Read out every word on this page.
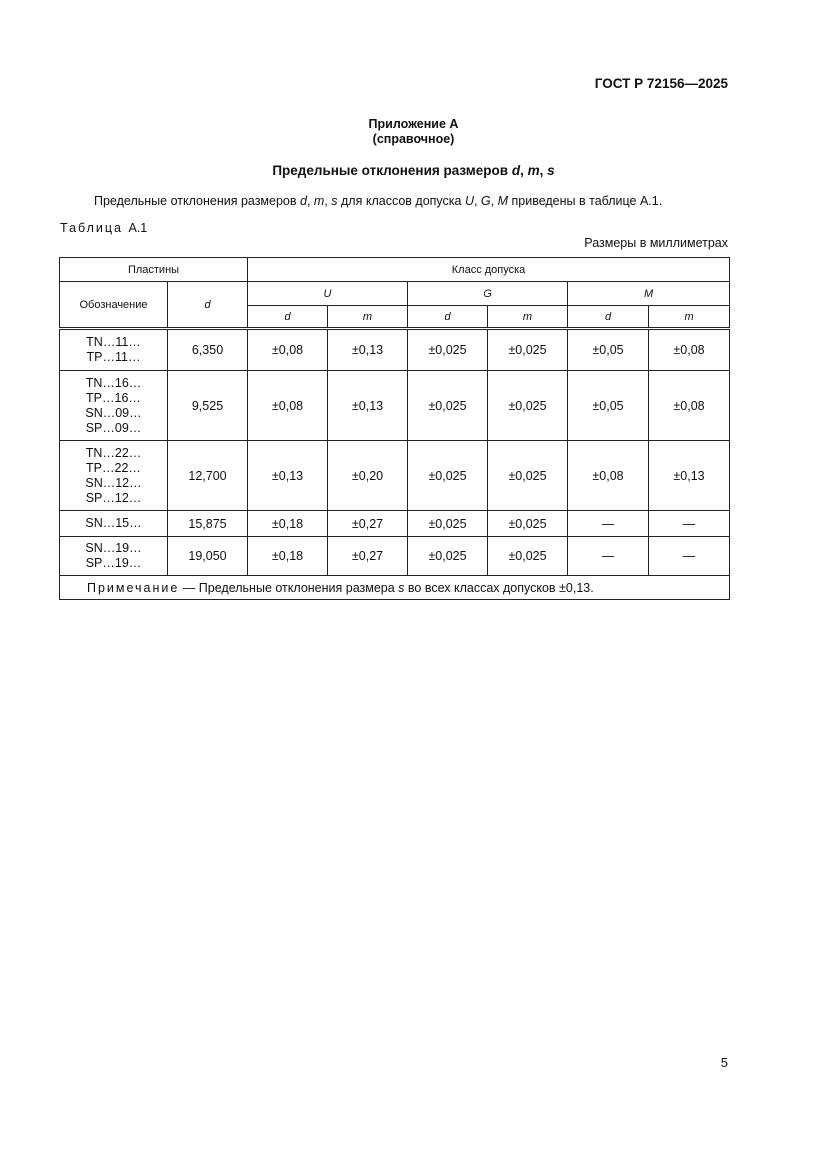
ГОСТ Р 72156—2025
Приложение А
(справочное)
Предельные отклонения размеров d, m, s
Предельные отклонения размеров d, m, s для классов допуска U, G, M приведены в таблице А.1.
Таблица А.1
Размеры в миллиметрах
Пластины		Класс допуска					
Обозначение	d	U		G		M	
		d	m	d	m	d	m

TN…11…
TP…11…	6,350	±0,08	±0,13	±0,025	±0,025	±0,05	±0,08

TN…16…
TP…16…
SN…09…
SP…09…	9,525	±0,08	±0,13	±0,025	±0,025	±0,05	±0,08

TN…22…
TP…22…
SN…12…
SP…12…	12,700	±0,13	±0,20	±0,025	±0,025	±0,08	±0,13

SN…15…	15,875	±0,18	±0,27	±0,025	±0,025	—	—

SN…19…
SP…19…	19,050	±0,18	±0,27	±0,025	±0,025	—	—
Примечание — Предельные отклонения размера s во всех классах допусков ±0,13.							
5
